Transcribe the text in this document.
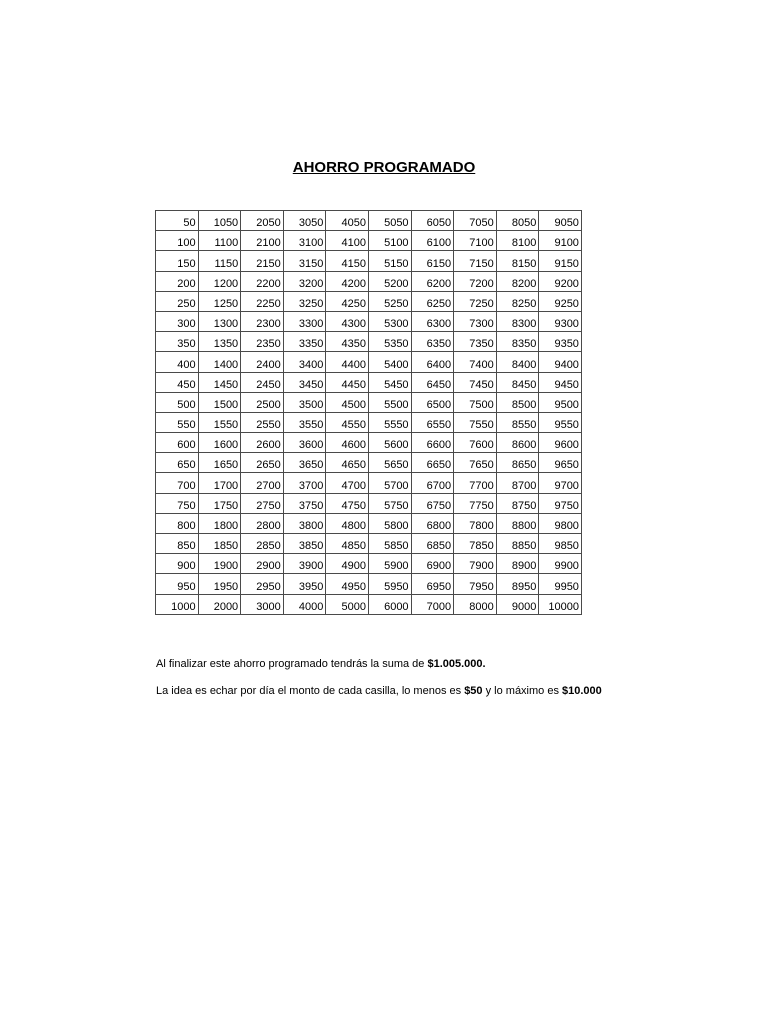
AHORRO PROGRAMADO
50	1050	2050	3050	4050	5050	6050	7050	8050	9050
100	1100	2100	3100	4100	5100	6100	7100	8100	9100
150	1150	2150	3150	4150	5150	6150	7150	8150	9150
200	1200	2200	3200	4200	5200	6200	7200	8200	9200
250	1250	2250	3250	4250	5250	6250	7250	8250	9250
300	1300	2300	3300	4300	5300	6300	7300	8300	9300
350	1350	2350	3350	4350	5350	6350	7350	8350	9350
400	1400	2400	3400	4400	5400	6400	7400	8400	9400
450	1450	2450	3450	4450	5450	6450	7450	8450	9450
500	1500	2500	3500	4500	5500	6500	7500	8500	9500
550	1550	2550	3550	4550	5550	6550	7550	8550	9550
600	1600	2600	3600	4600	5600	6600	7600	8600	9600
650	1650	2650	3650	4650	5650	6650	7650	8650	9650
700	1700	2700	3700	4700	5700	6700	7700	8700	9700
750	1750	2750	3750	4750	5750	6750	7750	8750	9750
800	1800	2800	3800	4800	5800	6800	7800	8800	9800
850	1850	2850	3850	4850	5850	6850	7850	8850	9850
900	1900	2900	3900	4900	5900	6900	7900	8900	9900
950	1950	2950	3950	4950	5950	6950	7950	8950	9950
1000	2000	3000	4000	5000	6000	7000	8000	9000	10000

Al finalizar este ahorro programado tendrás la suma de $1.005.000.

La idea es echar por día el monto de cada casilla, lo menos es $50 y lo máximo es $10.000
